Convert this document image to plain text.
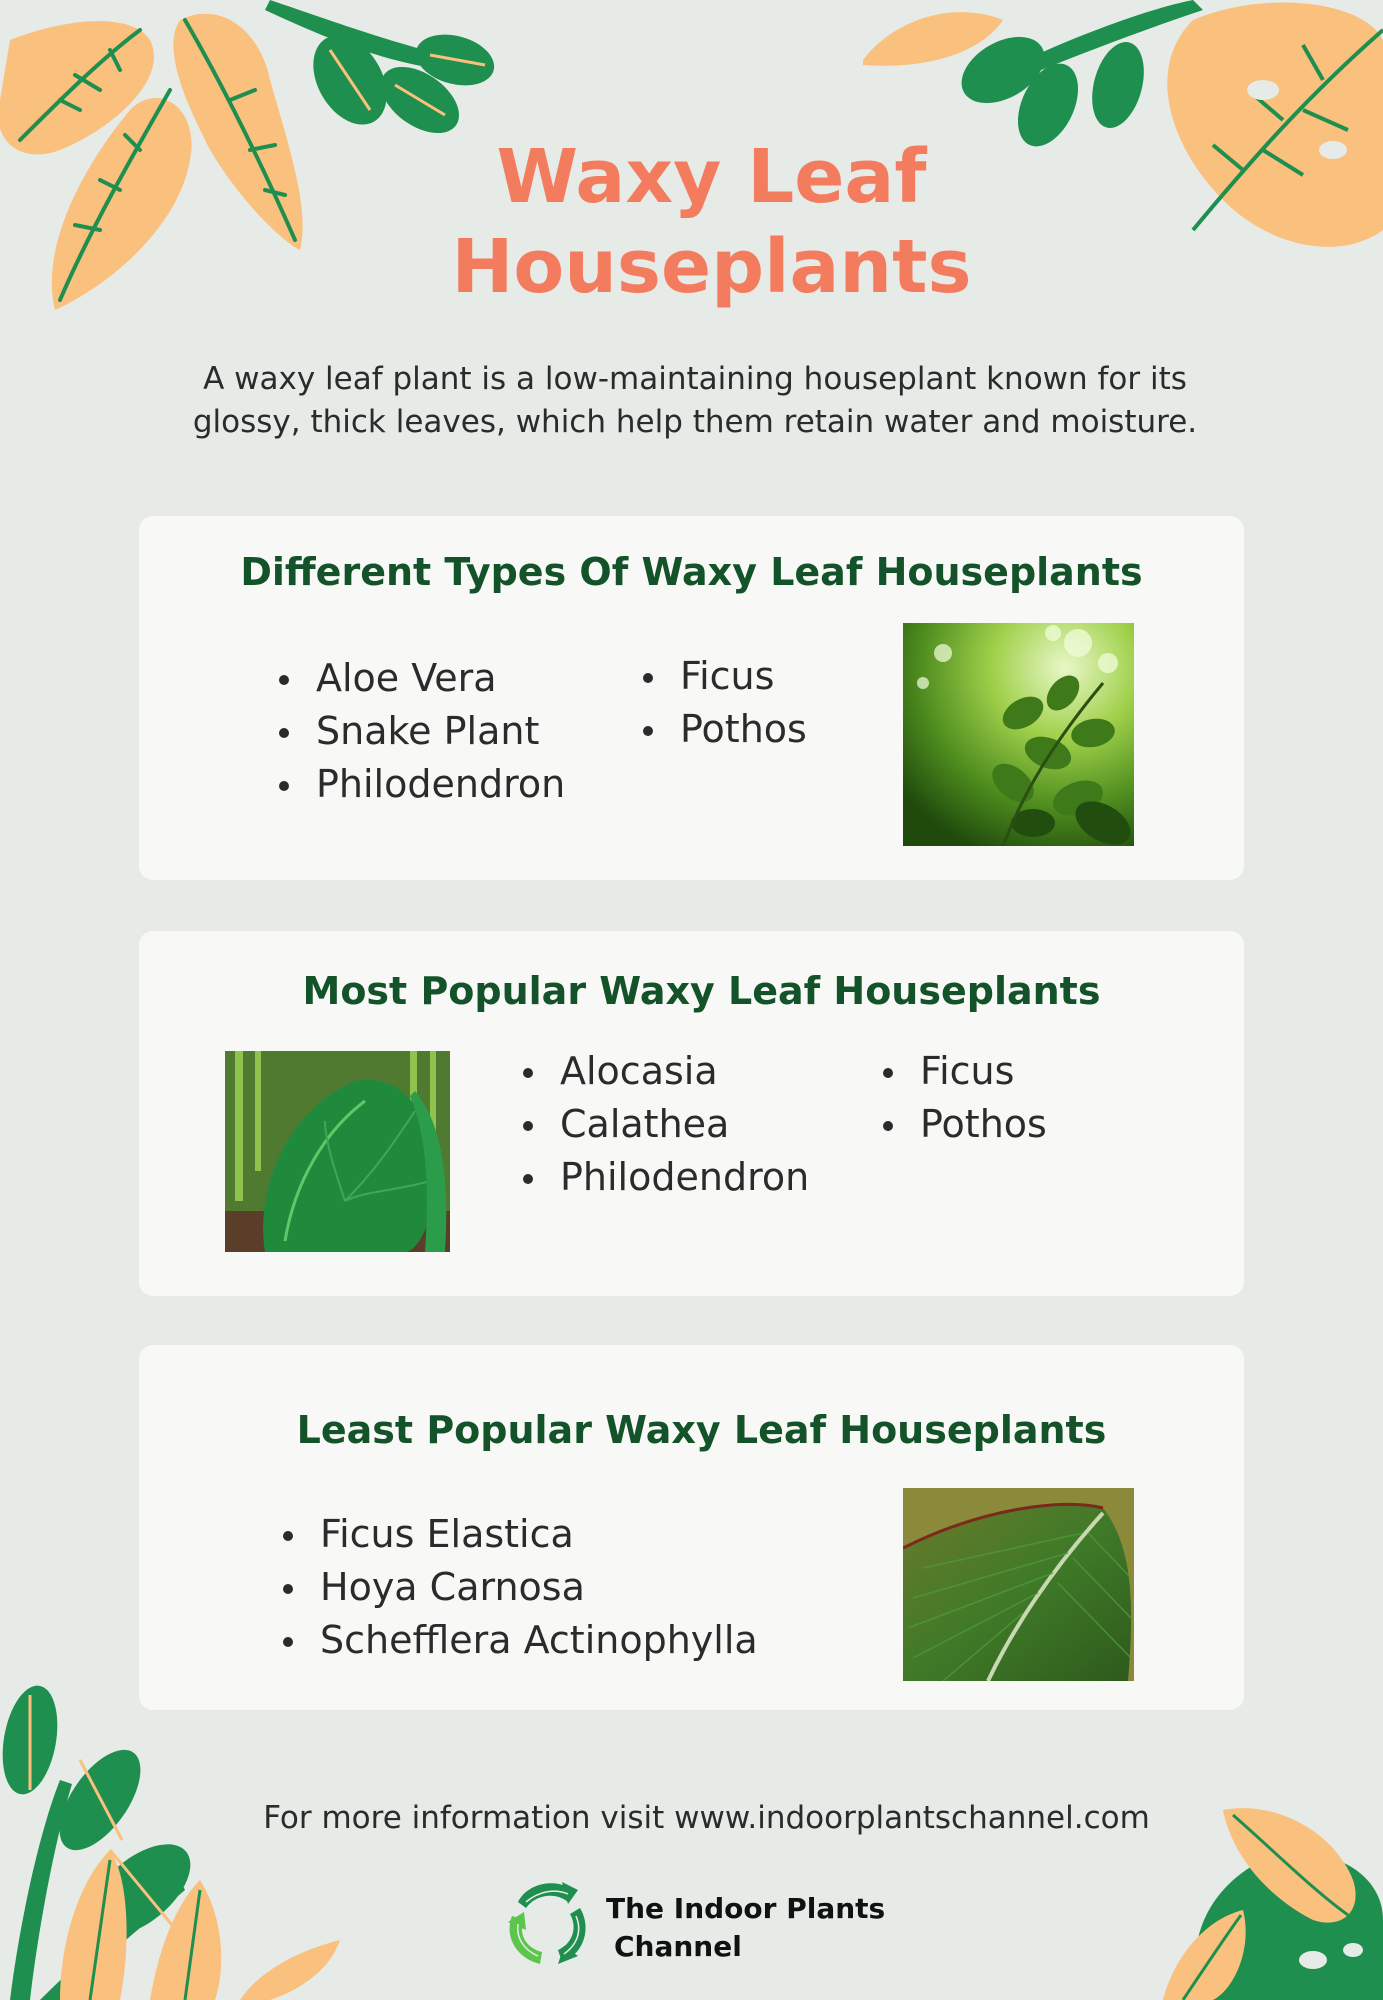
Waxy Leaf
Houseplants

A waxy leaf plant is a low-maintaining houseplant known for its glossy, thick leaves, which help them retain water and moisture.

Different Types Of Waxy Leaf Houseplants
Aloe Vera
Snake Plant
Philodendron
Ficus
Pothos
Most Popular Waxy Leaf Houseplants
Alocasia
Calathea
Philodendron
Ficus
Pothos
Least Popular Waxy Leaf Houseplants
Ficus Elastica
Hoya Carnosa
Schefflera Actinophylla

For more information visit www.indoorplantschannel.com

The Indoor Plants
Channel
